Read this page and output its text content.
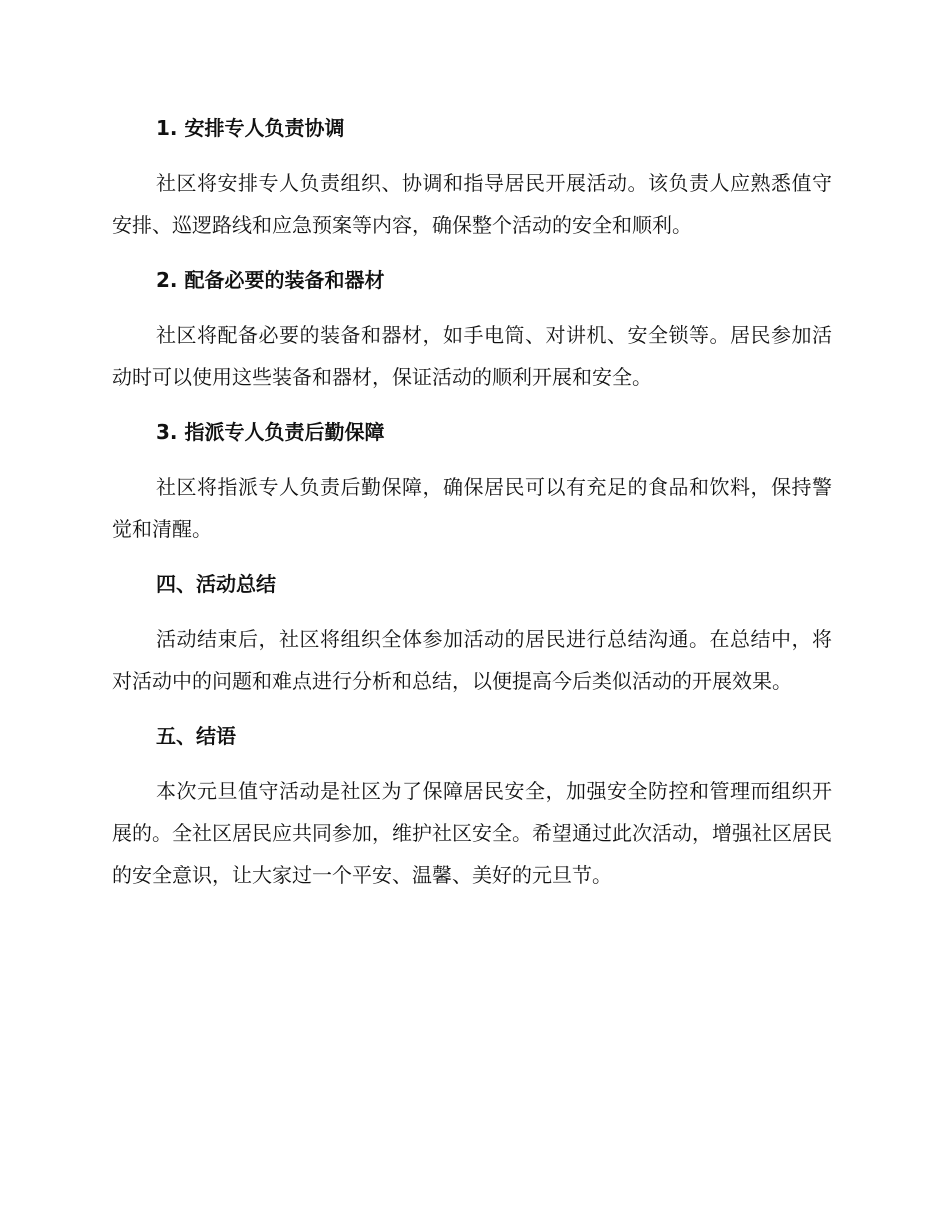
1. 安排专人负责协调

社区将安排专人负责组织、协调和指导居民开展活动。该负责人应熟悉值守安排、巡逻路线和应急预案等内容，确保整个活动的安全和顺利。

2. 配备必要的装备和器材

社区将配备必要的装备和器材，如手电筒、对讲机、安全锁等。居民参加活动时可以使用这些装备和器材，保证活动的顺利开展和安全。

3. 指派专人负责后勤保障

社区将指派专人负责后勤保障，确保居民可以有充足的食品和饮料，保持警觉和清醒。

四、活动总结

活动结束后，社区将组织全体参加活动的居民进行总结沟通。在总结中，将对活动中的问题和难点进行分析和总结，以便提高今后类似活动的开展效果。

五、结语

本次元旦值守活动是社区为了保障居民安全，加强安全防控和管理而组织开展的。全社区居民应共同参加，维护社区安全。希望通过此次活动，增强社区居民的安全意识，让大家过一个平安、温馨、美好的元旦节。
